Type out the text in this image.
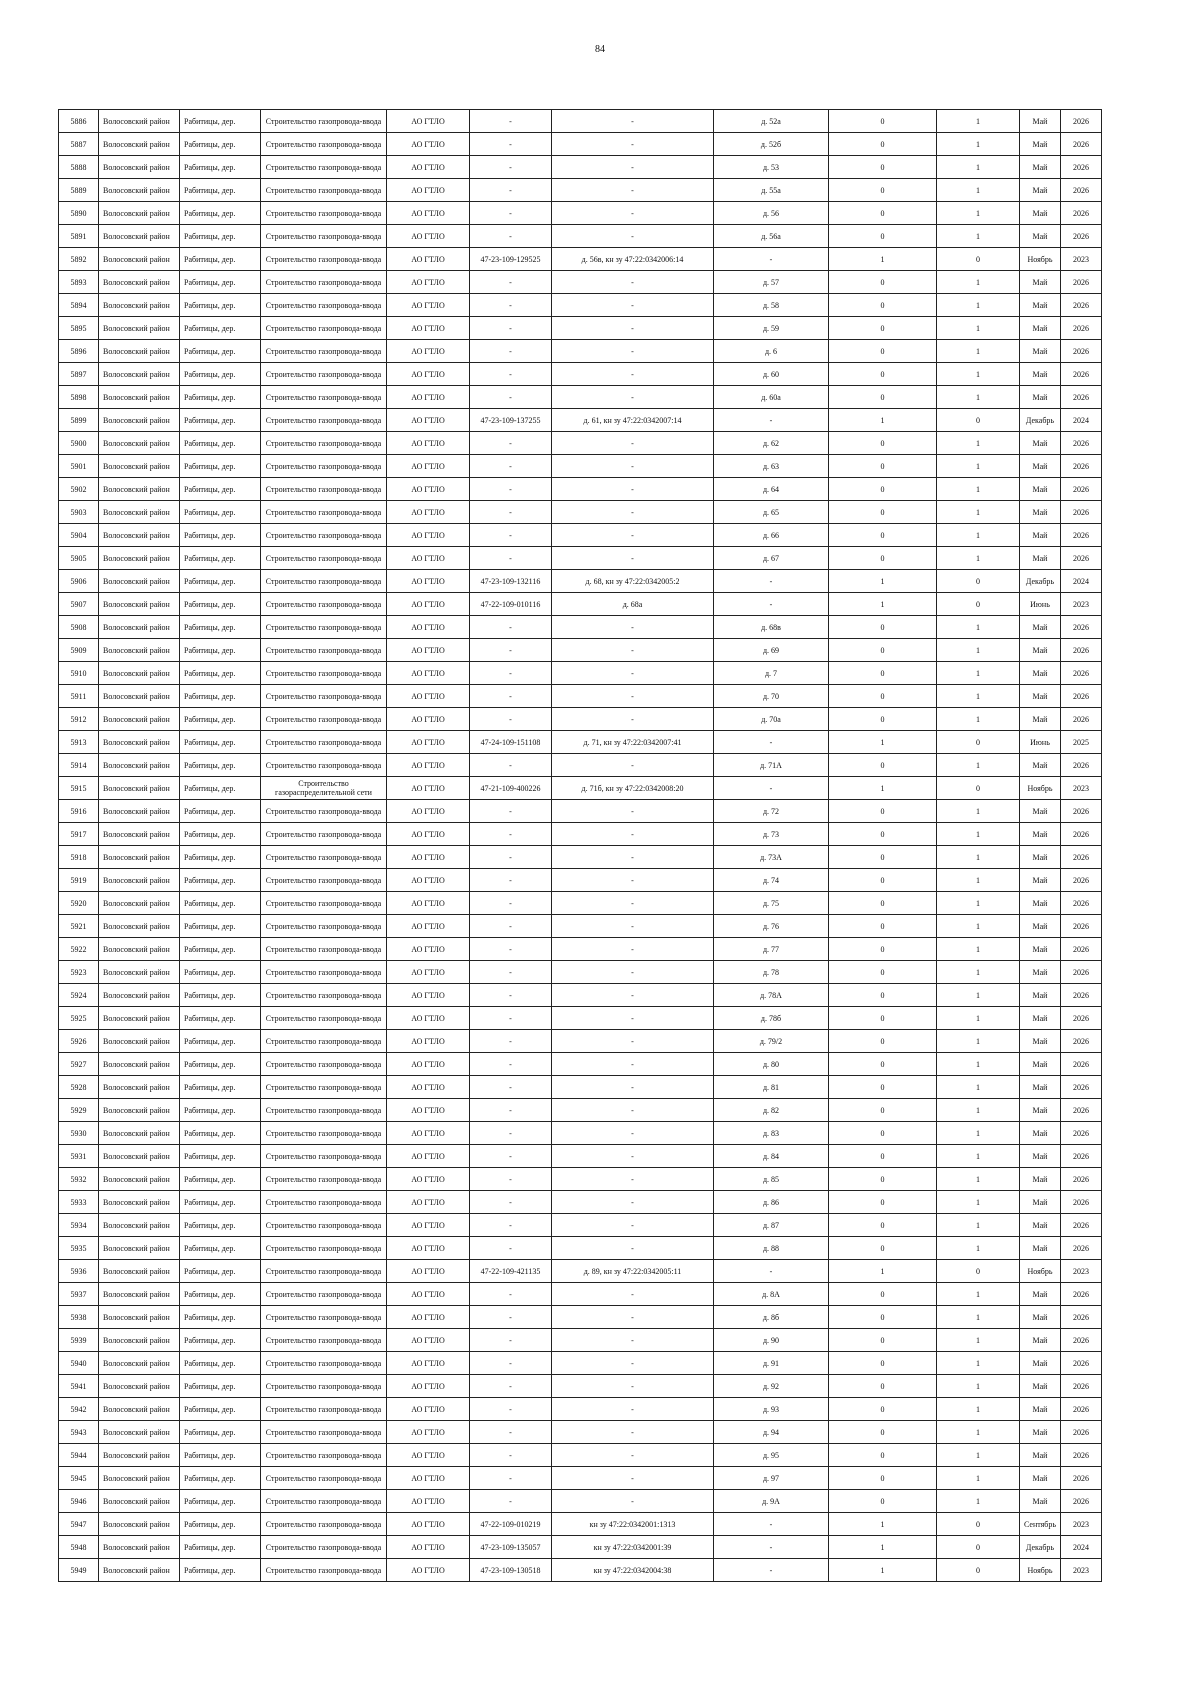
84
5886	Волосовский район	Рабитицы, дер.	Строительство газопровода-ввода	АО ГТЛО	-	-	д. 52а	0	1	Май	2026
5887	Волосовский район	Рабитицы, дер.	Строительство газопровода-ввода	АО ГТЛО	-	-	д. 52б	0	1	Май	2026
5888	Волосовский район	Рабитицы, дер.	Строительство газопровода-ввода	АО ГТЛО	-	-	д. 53	0	1	Май	2026
5889	Волосовский район	Рабитицы, дер.	Строительство газопровода-ввода	АО ГТЛО	-	-	д. 55а	0	1	Май	2026
5890	Волосовский район	Рабитицы, дер.	Строительство газопровода-ввода	АО ГТЛО	-	-	д. 56	0	1	Май	2026
5891	Волосовский район	Рабитицы, дер.	Строительство газопровода-ввода	АО ГТЛО	-	-	д. 56а	0	1	Май	2026
5892	Волосовский район	Рабитицы, дер.	Строительство газопровода-ввода	АО ГТЛО	47-23-109-129525	д. 56в, кн зу 47:22:0342006:14	-	1	0	Ноябрь	2023
5893	Волосовский район	Рабитицы, дер.	Строительство газопровода-ввода	АО ГТЛО	-	-	д. 57	0	1	Май	2026
5894	Волосовский район	Рабитицы, дер.	Строительство газопровода-ввода	АО ГТЛО	-	-	д. 58	0	1	Май	2026
5895	Волосовский район	Рабитицы, дер.	Строительство газопровода-ввода	АО ГТЛО	-	-	д. 59	0	1	Май	2026
5896	Волосовский район	Рабитицы, дер.	Строительство газопровода-ввода	АО ГТЛО	-	-	д. 6	0	1	Май	2026
5897	Волосовский район	Рабитицы, дер.	Строительство газопровода-ввода	АО ГТЛО	-	-	д. 60	0	1	Май	2026
5898	Волосовский район	Рабитицы, дер.	Строительство газопровода-ввода	АО ГТЛО	-	-	д. 60а	0	1	Май	2026
5899	Волосовский район	Рабитицы, дер.	Строительство газопровода-ввода	АО ГТЛО	47-23-109-137255	д. 61, кн зу 47:22:0342007:14	-	1	0	Декабрь	2024
5900	Волосовский район	Рабитицы, дер.	Строительство газопровода-ввода	АО ГТЛО	-	-	д. 62	0	1	Май	2026
5901	Волосовский район	Рабитицы, дер.	Строительство газопровода-ввода	АО ГТЛО	-	-	д. 63	0	1	Май	2026
5902	Волосовский район	Рабитицы, дер.	Строительство газопровода-ввода	АО ГТЛО	-	-	д. 64	0	1	Май	2026
5903	Волосовский район	Рабитицы, дер.	Строительство газопровода-ввода	АО ГТЛО	-	-	д. 65	0	1	Май	2026
5904	Волосовский район	Рабитицы, дер.	Строительство газопровода-ввода	АО ГТЛО	-	-	д. 66	0	1	Май	2026
5905	Волосовский район	Рабитицы, дер.	Строительство газопровода-ввода	АО ГТЛО	-	-	д. 67	0	1	Май	2026
5906	Волосовский район	Рабитицы, дер.	Строительство газопровода-ввода	АО ГТЛО	47-23-109-132116	д. 68, кн зу 47:22:0342005:2	-	1	0	Декабрь	2024
5907	Волосовский район	Рабитицы, дер.	Строительство газопровода-ввода	АО ГТЛО	47-22-109-010116	д. 68а	-	1	0	Июнь	2023
5908	Волосовский район	Рабитицы, дер.	Строительство газопровода-ввода	АО ГТЛО	-	-	д. 68в	0	1	Май	2026
5909	Волосовский район	Рабитицы, дер.	Строительство газопровода-ввода	АО ГТЛО	-	-	д. 69	0	1	Май	2026
5910	Волосовский район	Рабитицы, дер.	Строительство газопровода-ввода	АО ГТЛО	-	-	д. 7	0	1	Май	2026
5911	Волосовский район	Рабитицы, дер.	Строительство газопровода-ввода	АО ГТЛО	-	-	д. 70	0	1	Май	2026
5912	Волосовский район	Рабитицы, дер.	Строительство газопровода-ввода	АО ГТЛО	-	-	д. 70а	0	1	Май	2026
5913	Волосовский район	Рабитицы, дер.	Строительство газопровода-ввода	АО ГТЛО	47-24-109-151108	д. 71, кн зу 47:22:0342007:41	-	1	0	Июнь	2025
5914	Волосовский район	Рабитицы, дер.	Строительство газопровода-ввода	АО ГТЛО	-	-	д. 71А	0	1	Май	2026
5915	Волосовский район	Рабитицы, дер.	Строительство газораспределительной сети	АО ГТЛО	47-21-109-400226	д. 71б, кн зу 47:22:0342008:20	-	1	0	Ноябрь	2023
5916	Волосовский район	Рабитицы, дер.	Строительство газопровода-ввода	АО ГТЛО	-	-	д. 72	0	1	Май	2026
5917	Волосовский район	Рабитицы, дер.	Строительство газопровода-ввода	АО ГТЛО	-	-	д. 73	0	1	Май	2026
5918	Волосовский район	Рабитицы, дер.	Строительство газопровода-ввода	АО ГТЛО	-	-	д. 73А	0	1	Май	2026
5919	Волосовский район	Рабитицы, дер.	Строительство газопровода-ввода	АО ГТЛО	-	-	д. 74	0	1	Май	2026
5920	Волосовский район	Рабитицы, дер.	Строительство газопровода-ввода	АО ГТЛО	-	-	д. 75	0	1	Май	2026
5921	Волосовский район	Рабитицы, дер.	Строительство газопровода-ввода	АО ГТЛО	-	-	д. 76	0	1	Май	2026
5922	Волосовский район	Рабитицы, дер.	Строительство газопровода-ввода	АО ГТЛО	-	-	д. 77	0	1	Май	2026
5923	Волосовский район	Рабитицы, дер.	Строительство газопровода-ввода	АО ГТЛО	-	-	д. 78	0	1	Май	2026
5924	Волосовский район	Рабитицы, дер.	Строительство газопровода-ввода	АО ГТЛО	-	-	д. 78А	0	1	Май	2026
5925	Волосовский район	Рабитицы, дер.	Строительство газопровода-ввода	АО ГТЛО	-	-	д. 78б	0	1	Май	2026
5926	Волосовский район	Рабитицы, дер.	Строительство газопровода-ввода	АО ГТЛО	-	-	д. 79/2	0	1	Май	2026
5927	Волосовский район	Рабитицы, дер.	Строительство газопровода-ввода	АО ГТЛО	-	-	д. 80	0	1	Май	2026
5928	Волосовский район	Рабитицы, дер.	Строительство газопровода-ввода	АО ГТЛО	-	-	д. 81	0	1	Май	2026
5929	Волосовский район	Рабитицы, дер.	Строительство газопровода-ввода	АО ГТЛО	-	-	д. 82	0	1	Май	2026
5930	Волосовский район	Рабитицы, дер.	Строительство газопровода-ввода	АО ГТЛО	-	-	д. 83	0	1	Май	2026
5931	Волосовский район	Рабитицы, дер.	Строительство газопровода-ввода	АО ГТЛО	-	-	д. 84	0	1	Май	2026
5932	Волосовский район	Рабитицы, дер.	Строительство газопровода-ввода	АО ГТЛО	-	-	д. 85	0	1	Май	2026
5933	Волосовский район	Рабитицы, дер.	Строительство газопровода-ввода	АО ГТЛО	-	-	д. 86	0	1	Май	2026
5934	Волосовский район	Рабитицы, дер.	Строительство газопровода-ввода	АО ГТЛО	-	-	д. 87	0	1	Май	2026
5935	Волосовский район	Рабитицы, дер.	Строительство газопровода-ввода	АО ГТЛО	-	-	д. 88	0	1	Май	2026
5936	Волосовский район	Рабитицы, дер.	Строительство газопровода-ввода	АО ГТЛО	47-22-109-421135	д. 89, кн зу 47:22:0342005:11	-	1	0	Ноябрь	2023
5937	Волосовский район	Рабитицы, дер.	Строительство газопровода-ввода	АО ГТЛО	-	-	д. 8А	0	1	Май	2026
5938	Волосовский район	Рабитицы, дер.	Строительство газопровода-ввода	АО ГТЛО	-	-	д. 8б	0	1	Май	2026
5939	Волосовский район	Рабитицы, дер.	Строительство газопровода-ввода	АО ГТЛО	-	-	д. 90	0	1	Май	2026
5940	Волосовский район	Рабитицы, дер.	Строительство газопровода-ввода	АО ГТЛО	-	-	д. 91	0	1	Май	2026
5941	Волосовский район	Рабитицы, дер.	Строительство газопровода-ввода	АО ГТЛО	-	-	д. 92	0	1	Май	2026
5942	Волосовский район	Рабитицы, дер.	Строительство газопровода-ввода	АО ГТЛО	-	-	д. 93	0	1	Май	2026
5943	Волосовский район	Рабитицы, дер.	Строительство газопровода-ввода	АО ГТЛО	-	-	д. 94	0	1	Май	2026
5944	Волосовский район	Рабитицы, дер.	Строительство газопровода-ввода	АО ГТЛО	-	-	д. 95	0	1	Май	2026
5945	Волосовский район	Рабитицы, дер.	Строительство газопровода-ввода	АО ГТЛО	-	-	д. 97	0	1	Май	2026
5946	Волосовский район	Рабитицы, дер.	Строительство газопровода-ввода	АО ГТЛО	-	-	д. 9А	0	1	Май	2026
5947	Волосовский район	Рабитицы, дер.	Строительство газопровода-ввода	АО ГТЛО	47-22-109-010219	кн зу 47:22:0342001:1313	-	1	0	Сентябрь	2023
5948	Волосовский район	Рабитицы, дер.	Строительство газопровода-ввода	АО ГТЛО	47-23-109-135057	кн зу 47:22:0342001:39	-	1	0	Декабрь	2024
5949	Волосовский район	Рабитицы, дер.	Строительство газопровода-ввода	АО ГТЛО	47-23-109-130518	кн зу 47:22:0342004:38	-	1	0	Ноябрь	2023
